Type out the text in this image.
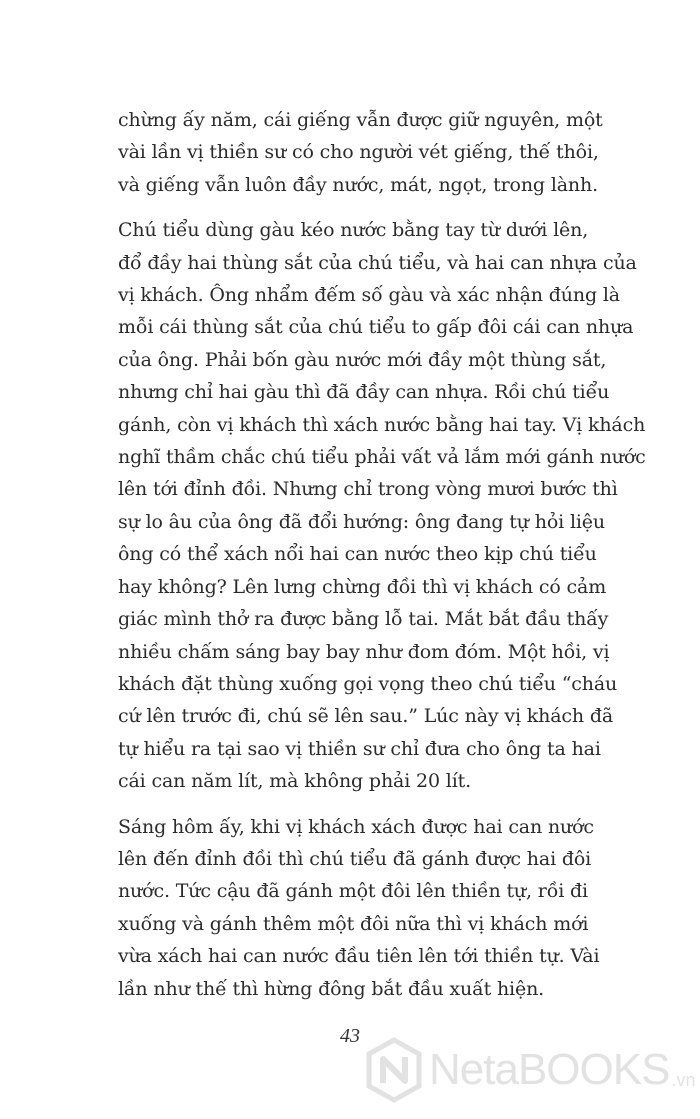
chừng ấy năm, cái giếng vẫn được giữ nguyên, một
vài lần vị thiền sư có cho người vét giếng, thế thôi,
và giếng vẫn luôn đầy nước, mát, ngọt, trong lành.
Chú tiểu dùng gàu kéo nước bằng tay từ dưới lên,
đổ đầy hai thùng sắt của chú tiểu, và hai can nhựa của
vị khách. Ông nhẩm đếm số gàu và xác nhận đúng là
mỗi cái thùng sắt của chú tiểu to gấp đôi cái can nhựa
của ông. Phải bốn gàu nước mới đầy một thùng sắt,
nhưng chỉ hai gàu thì đã đầy can nhựa. Rồi chú tiểu
gánh, còn vị khách thì xách nước bằng hai tay. Vị khách
nghĩ thầm chắc chú tiểu phải vất vả lắm mới gánh nước
lên tới đỉnh đồi. Nhưng chỉ trong vòng mươi bước thì
sự lo âu của ông đã đổi hướng: ông đang tự hỏi liệu
ông có thể xách nổi hai can nước theo kịp chú tiểu
hay không? Lên lưng chừng đồi thì vị khách có cảm
giác mình thở ra được bằng lỗ tai. Mắt bắt đầu thấy
nhiều chấm sáng bay bay như đom đóm. Một hồi, vị
khách đặt thùng xuống gọi vọng theo chú tiểu “cháu
cứ lên trước đi, chú sẽ lên sau.” Lúc này vị khách đã
tự hiểu ra tại sao vị thiền sư chỉ đưa cho ông ta hai
cái can năm lít, mà không phải 20 lít.
Sáng hôm ấy, khi vị khách xách được hai can nước
lên đến đỉnh đồi thì chú tiểu đã gánh được hai đôi
nước. Tức cậu đã gánh một đôi lên thiền tự, rồi đi
xuống và gánh thêm một đôi nữa thì vị khách mới
vừa xách hai can nước đầu tiên lên tới thiền tự. Vài
lần như thế thì hừng đông bắt đầu xuất hiện.
43
NetaBOOKS .vn
